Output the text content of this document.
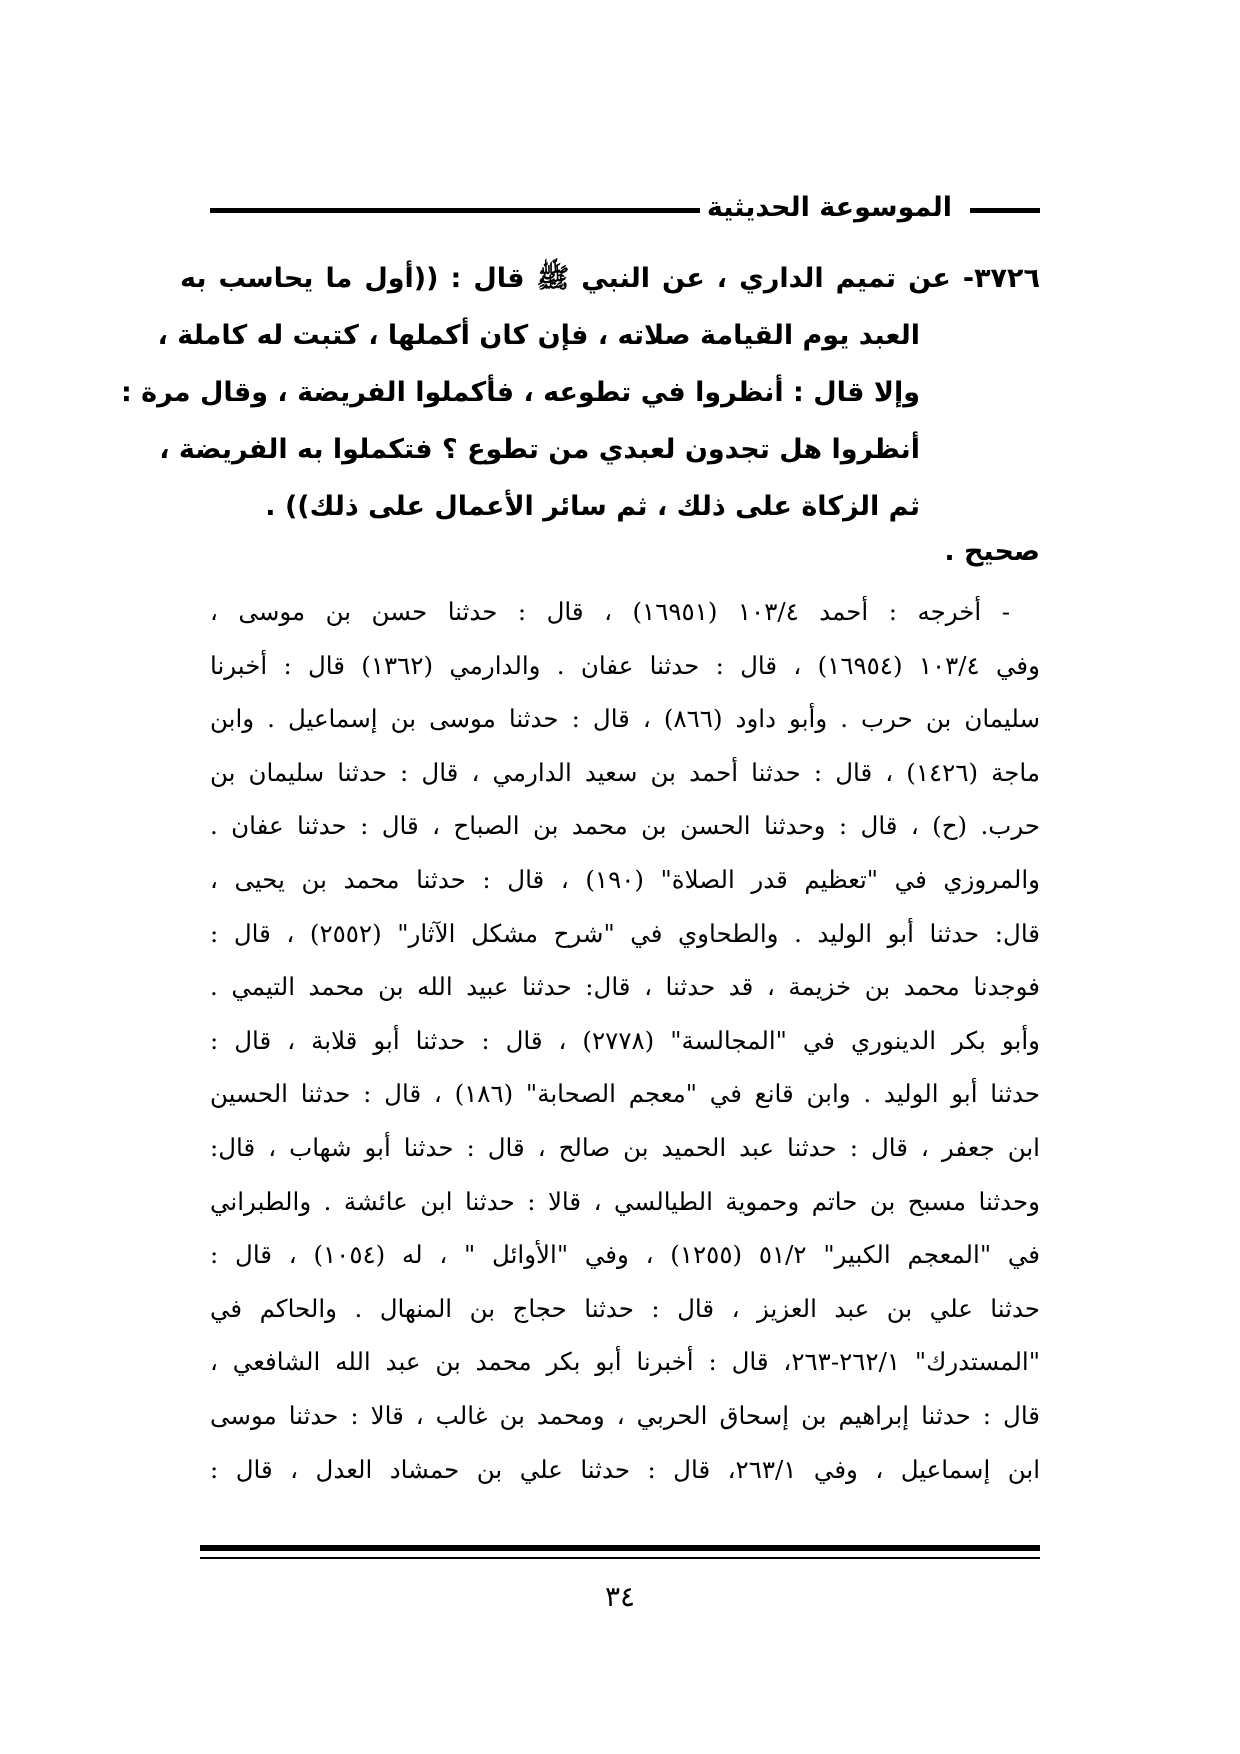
الموسوعة الحديثية
٣٧٢٦- عن تميم الداري ، عن النبي ﷺ قال : ((أول ما يحاسب به
العبد يوم القيامة صلاته ، فإن كان أكملها ، كتبت له كاملة ،
وإلا قال : أنظروا في تطوعه ، فأكملوا الفريضة ، وقال مرة :
أنظروا هل تجدون لعبدي من تطوع ؟ فتكملوا به الفريضة ،
ثم الزكاة على ذلك ، ثم سائر الأعمال على ذلك)) .
صحيح .
- أخرجه : أحمد ١٠٣/٤ (١٦٩٥١) ، قال : حدثنا حسن بن موسى ،
وفي ١٠٣/٤ (١٦٩٥٤) ، قال : حدثنا عفان . والدارمي (١٣٦٢) قال : أخبرنا
سليمان بن حرب . وأبو داود (٨٦٦) ، قال : حدثنا موسى بن إسماعيل . وابن
ماجة (١٤٢٦) ، قال : حدثنا أحمد بن سعيد الدارمي ، قال : حدثنا سليمان بن
حرب. (ح) ، قال : وحدثنا الحسن بن محمد بن الصباح ، قال : حدثنا عفان .
والمروزي في "تعظيم قدر الصلاة" (١٩٠) ، قال : حدثنا محمد بن يحيى ،
قال: حدثنا أبو الوليد . والطحاوي في "شرح مشكل الآثار" (٢٥٥٢) ، قال :
فوجدنا محمد بن خزيمة ، قد حدثنا ، قال: حدثنا عبيد الله بن محمد التيمي .
وأبو بكر الدينوري في "المجالسة" (٢٧٧٨) ، قال : حدثنا أبو قلابة ، قال :
حدثنا أبو الوليد . وابن قانع في "معجم الصحابة" (١٨٦) ، قال : حدثنا الحسين
ابن جعفر ، قال : حدثنا عبد الحميد بن صالح ، قال : حدثنا أبو شهاب ، قال:
وحدثنا مسبح بن حاتم وحموية الطيالسي ، قالا : حدثنا ابن عائشة . والطبراني
في "المعجم الكبير" ٥١/٢ (١٢٥٥) ، وفي "الأوائل " ، له (١٠٥٤) ، قال :
حدثنا علي بن عبد العزيز ، قال : حدثنا حجاج بن المنهال . والحاكم في
"المستدرك" ٢٦٢/١-٢٦٣، قال : أخبرنا أبو بكر محمد بن عبد الله الشافعي ،
قال : حدثنا إبراهيم بن إسحاق الحربي ، ومحمد بن غالب ، قالا : حدثنا موسى
ابن إسماعيل ، وفي ٢٦٣/١، قال : حدثنا علي بن حمشاد العدل ، قال :
٣٤
